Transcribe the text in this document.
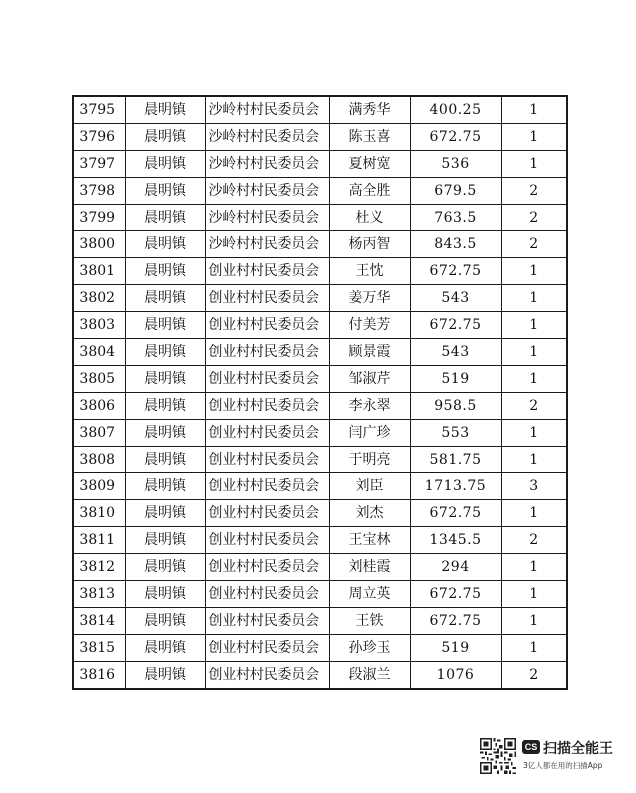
3795	晨明镇	沙岭村村民委员会	满秀华	400.25	1
3796	晨明镇	沙岭村村民委员会	陈玉喜	672.75	1
3797	晨明镇	沙岭村村民委员会	夏树宽	536	1
3798	晨明镇	沙岭村村民委员会	高全胜	679.5	2
3799	晨明镇	沙岭村村民委员会	杜义	763.5	2
3800	晨明镇	沙岭村村民委员会	杨丙智	843.5	2
3801	晨明镇	创业村村民委员会	王忱	672.75	1
3802	晨明镇	创业村村民委员会	姜万华	543	1
3803	晨明镇	创业村村民委员会	付美芳	672.75	1
3804	晨明镇	创业村村民委员会	顾景霞	543	1
3805	晨明镇	创业村村民委员会	邹淑芹	519	1
3806	晨明镇	创业村村民委员会	李永翠	958.5	2
3807	晨明镇	创业村村民委员会	闫广珍	553	1
3808	晨明镇	创业村村民委员会	于明亮	581.75	1
3809	晨明镇	创业村村民委员会	刘臣	1713.75	3
3810	晨明镇	创业村村民委员会	刘杰	672.75	1
3811	晨明镇	创业村村民委员会	王宝林	1345.5	2
3812	晨明镇	创业村村民委员会	刘桂霞	294	1
3813	晨明镇	创业村村民委员会	周立英	672.75	1
3814	晨明镇	创业村村民委员会	王铁	672.75	1
3815	晨明镇	创业村村民委员会	孙珍玉	519	1
3816	晨明镇	创业村村民委员会	段淑兰	1076	2
CS 扫描全能王
3亿人都在用的扫描App
